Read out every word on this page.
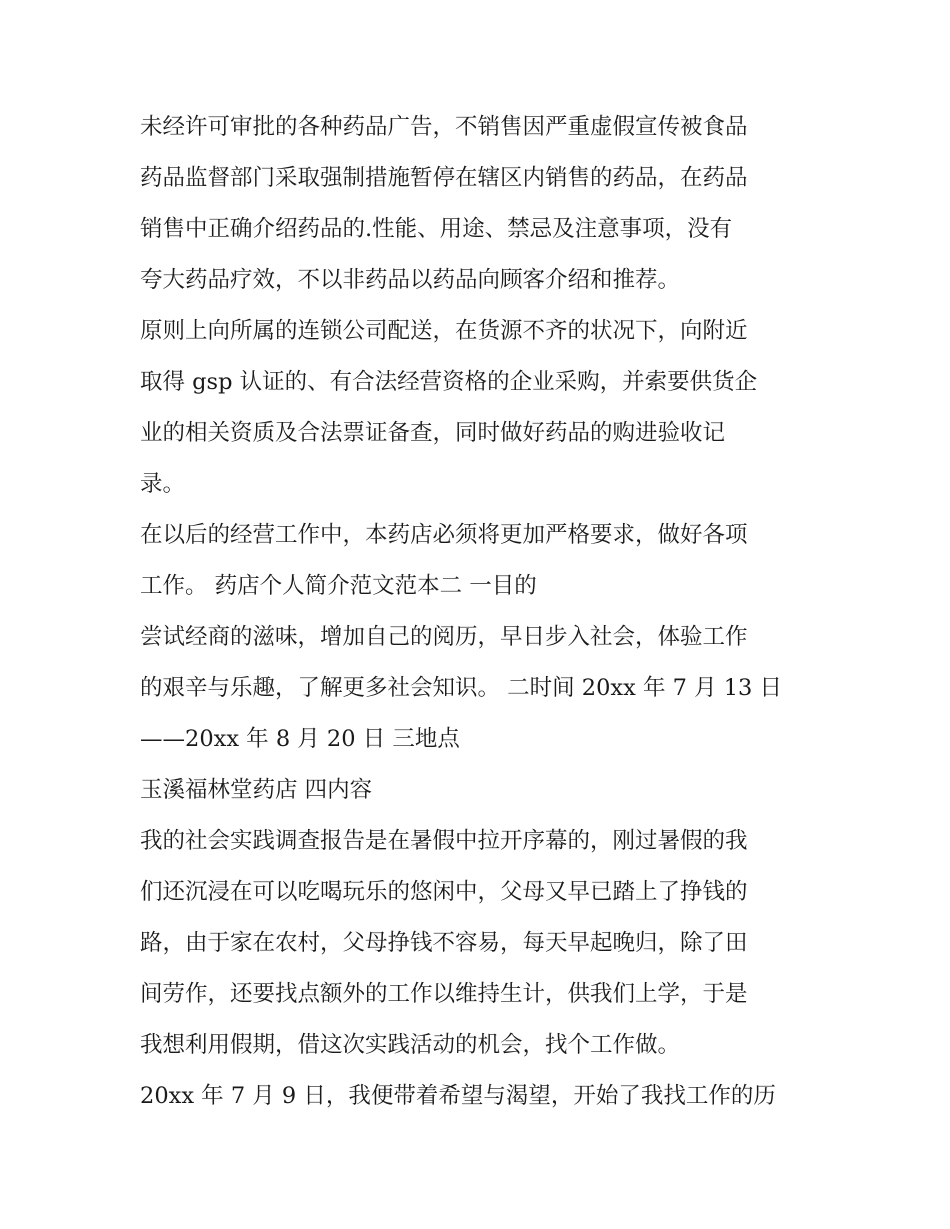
未经许可审批的各种药品广告，不销售因严重虚假宣传被食品
药品监督部门采取强制措施暂停在辖区内销售的药品，在药品
销售中正确介绍药品的.性能、用途、禁忌及注意事项，没有
夸大药品疗效，不以非药品以药品向顾客介绍和推荐。
原则上向所属的连锁公司配送，在货源不齐的状况下，向附近
取得 gsp 认证的、有合法经营资格的企业采购，并索要供货企
业的相关资质及合法票证备查，同时做好药品的购进验收记
录。
在以后的经营工作中，本药店必须将更加严格要求，做好各项
工作。 药店个人简介范文范本二 一目的
尝试经商的滋味，增加自己的阅历，早日步入社会，体验工作
的艰辛与乐趣，了解更多社会知识。 二时间 20xx 年 7 月 13 日
——20xx 年 8 月 20 日 三地点
玉溪福林堂药店 四内容
我的社会实践调查报告是在暑假中拉开序幕的，刚过暑假的我
们还沉浸在可以吃喝玩乐的悠闲中，父母又早已踏上了挣钱的
路，由于家在农村，父母挣钱不容易，每天早起晚归，除了田
间劳作，还要找点额外的工作以维持生计，供我们上学，于是
我想利用假期，借这次实践活动的机会，找个工作做。
20xx 年 7 月 9 日，我便带着希望与渴望，开始了我找工作的历
